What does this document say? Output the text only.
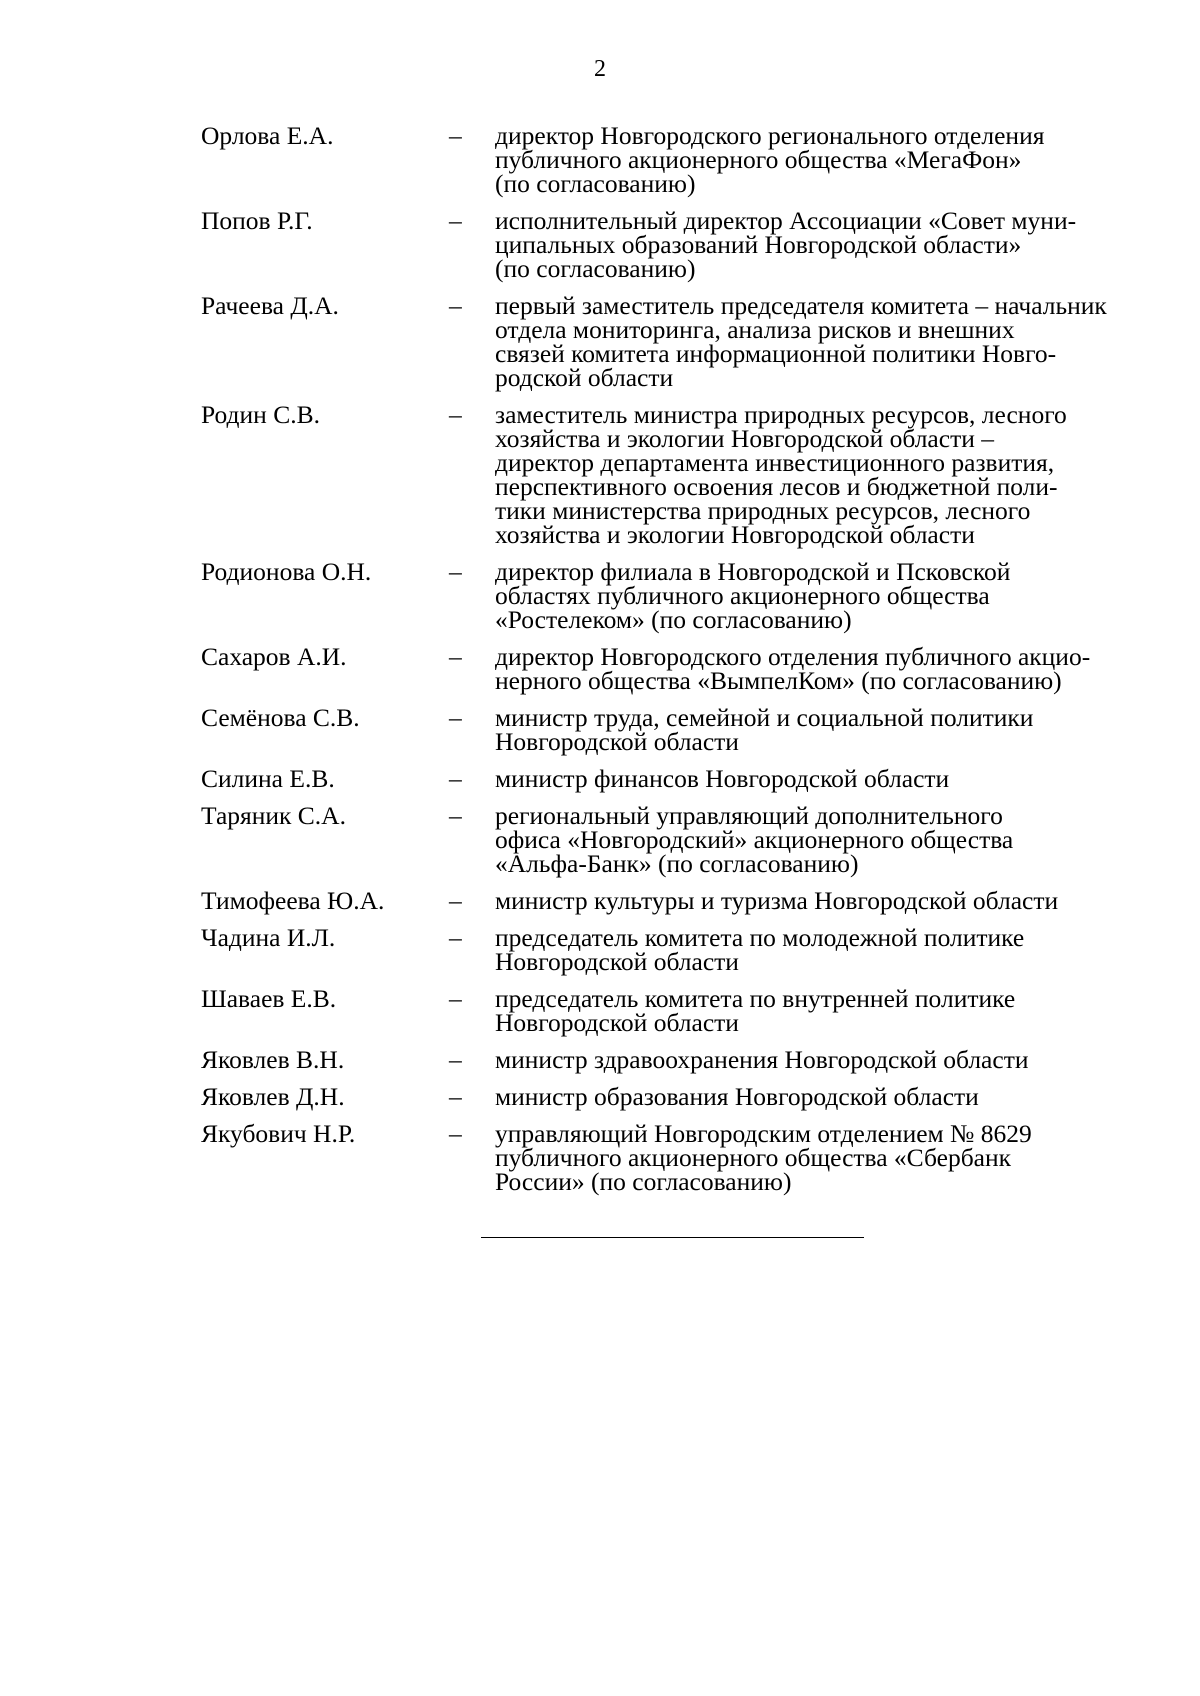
2
Орлова Е.А.	–	директор Новгородского регионального отделения
публичного акционерного общества «МегаФон»
(по согласованию)
Попов Р.Г.	–	исполнительный директор Ассоциации «Совет муни-
ципальных образований Новгородской области»
(по согласованию)
Рачеева Д.А.	–	первый заместитель председателя комитета – начальник
отдела мониторинга, анализа рисков и внешних
связей комитета информационной политики Новго-
родской области
Родин С.В.	–	заместитель министра природных ресурсов, лесного
хозяйства и экологии Новгородской области –
директор департамента инвестиционного развития,
перспективного освоения лесов и бюджетной поли-
тики министерства природных ресурсов, лесного
хозяйства и экологии Новгородской области
Родионова О.Н.	–	директор филиала в Новгородской и Псковской
областях публичного акционерного общества
«Ростелеком» (по согласованию)
Сахаров А.И.	–	директор Новгородского отделения публичного акцио-
нерного общества «ВымпелКом» (по согласованию)
Семёнова С.В.	–	министр труда, семейной и социальной политики
Новгородской области
Силина Е.В.	–	министр финансов Новгородской области
Таряник С.А.	–	региональный управляющий дополнительного
офиса «Новгородский» акционерного общества
«Альфа-Банк» (по согласованию)
Тимофеева Ю.А.	–	министр культуры и туризма Новгородской области
Чадина И.Л.	–	председатель комитета по молодежной политике
Новгородской области
Шаваев Е.В.	–	председатель комитета по внутренней политике
Новгородской области
Яковлев В.Н.	–	министр здравоохранения Новгородской области
Яковлев Д.Н.	–	министр образования Новгородской области
Якубович Н.Р.	–	управляющий Новгородским отделением № 8629
публичного акционерного общества «Сбербанк
России» (по согласованию)
